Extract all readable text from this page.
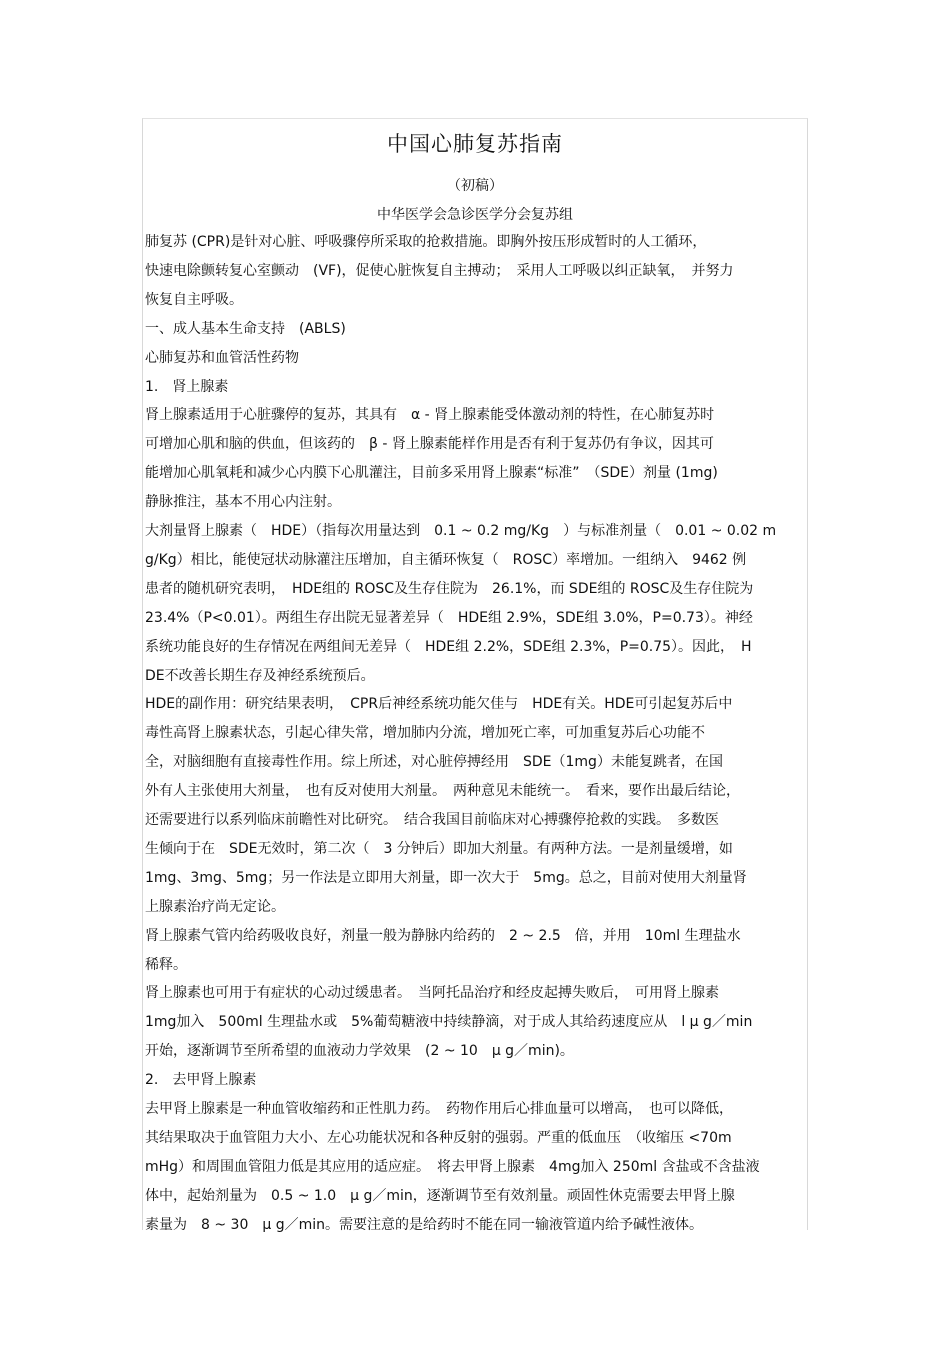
中国心肺复苏指南
（初稿）
中华医学会急诊医学分会复苏组
肺复苏 (CPR)是针对心脏、呼吸骤停所采取的抢救措施。即胸外按压形成暂时的人工循环，
快速电除颤转复心室颤动　(VF)，促使心脏恢复自主搏动；　采用人工呼吸以纠正缺氧，　并努力
恢复自主呼吸。
一、成人基本生命支持　(ABLS)
心肺复苏和血管活性药物
1.　肾上腺素
肾上腺素适用于心脏骤停的复苏，其具有　α - 肾上腺素能受体激动剂的特性，在心肺复苏时
可增加心肌和脑的供血，但该药的　β - 肾上腺素能样作用是否有利于复苏仍有争议，因其可
能增加心肌氧耗和减少心内膜下心肌灌注，目前多采用肾上腺素“标准”　（SDE）剂量 (1mg)
静脉推注，基本不用心内注射。
大剂量肾上腺素（　HDE）（指每次用量达到　0.1 ~ 0.2 mg/Kg　）与标准剂量（　0.01 ~ 0.02 m
g/Kg）相比，能使冠状动脉灌注压增加，自主循环恢复（　ROSC）率增加。一组纳入　9462 例
患者的随机研究表明，　HDE组的 ROSC及生存住院为　26.1%，而 SDE组的 ROSC及生存住院为
23.4%（P<0.01）。两组生存出院无显著差异（　HDE组 2.9%，SDE组 3.0%，P=0.73）。神经
系统功能良好的生存情况在两组间无差异（　HDE组 2.2%，SDE组 2.3%，P=0.75）。因此，　H
DE不改善长期生存及神经系统预后。
HDE的副作用：研究结果表明，　CPR后神经系统功能欠佳与　HDE有关。HDE可引起复苏后中
毒性高肾上腺素状态，引起心律失常，增加肺内分流，增加死亡率，可加重复苏后心功能不
全，对脑细胞有直接毒性作用。综上所述，对心脏停搏经用　SDE（1mg）未能复跳者，在国
外有人主张使用大剂量，　也有反对使用大剂量。　两种意见未能统一。　看来，要作出最后结论，
还需要进行以系列临床前瞻性对比研究。　结合我国目前临床对心搏骤停抢救的实践。　多数医
生倾向于在　SDE无效时，第二次（　3 分钟后）即加大剂量。有两种方法。一是剂量缓增，如
1mg、3mg、5mg；另一作法是立即用大剂量，即一次大于　5mg。总之，目前对使用大剂量肾
上腺素治疗尚无定论。
肾上腺素气管内给药吸收良好，剂量一般为静脉内给药的　2 ~ 2.5　倍，并用　10ml 生理盐水
稀释。
肾上腺素也可用于有症状的心动过缓患者。　当阿托品治疗和经皮起搏失败后，　可用肾上腺素
1mg加入　500ml 生理盐水或　5%葡萄糖液中持续静滴，对于成人其给药速度应从　l μ g／min
开始，逐渐调节至所希望的血液动力学效果　(2 ~ 10　μ g／min)。
2.　去甲肾上腺素
去甲肾上腺素是一种血管收缩药和正性肌力药。　药物作用后心排血量可以增高，　也可以降低，
其结果取决于血管阻力大小、左心功能状况和各种反射的强弱。严重的低血压　（收缩压 <70m
mHg）和周围血管阻力低是其应用的适应症。　将去甲肾上腺素　4mg加入 250ml 含盐或不含盐液
体中，起始剂量为　0.5 ~ 1.0　μ g／min，逐渐调节至有效剂量。顽固性休克需要去甲肾上腺
素量为　8 ~ 30　μ g／min。需要注意的是给药时不能在同一输液管道内给予碱性液体。
